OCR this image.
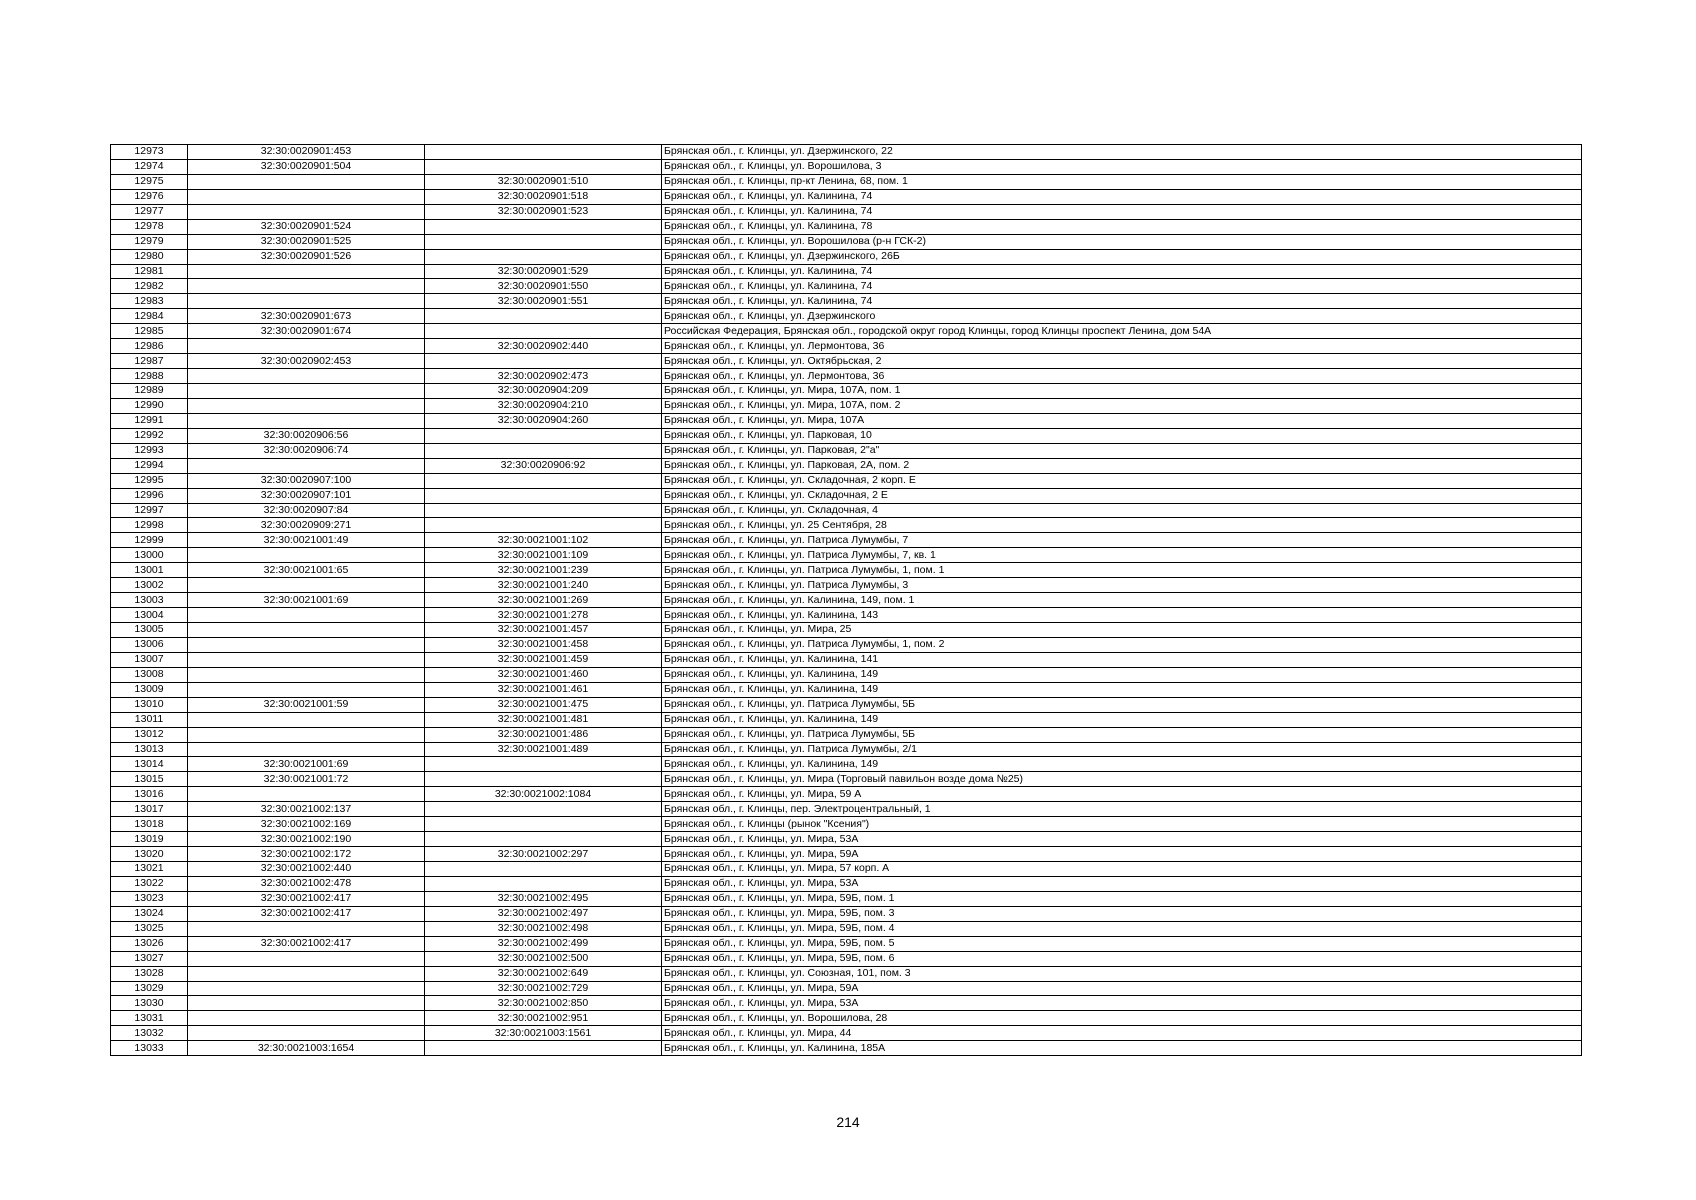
12973	32:30:0020901:453		Брянская обл., г. Клинцы, ул. Дзержинского, 22
12974	32:30:0020901:504		Брянская обл., г. Клинцы, ул. Ворошилова, 3
12975		32:30:0020901:510	Брянская обл., г. Клинцы, пр-кт Ленина, 68, пом. 1
12976		32:30:0020901:518	Брянская обл., г. Клинцы, ул. Калинина, 74
12977		32:30:0020901:523	Брянская обл., г. Клинцы, ул. Калинина, 74
12978	32:30:0020901:524		Брянская обл., г. Клинцы, ул. Калинина, 78
12979	32:30:0020901:525		Брянская обл., г. Клинцы, ул. Ворошилова (р-н ГСК-2)
12980	32:30:0020901:526		Брянская обл., г. Клинцы, ул. Дзержинского, 26Б
12981		32:30:0020901:529	Брянская обл., г. Клинцы, ул. Калинина, 74
12982		32:30:0020901:550	Брянская обл., г. Клинцы, ул. Калинина, 74
12983		32:30:0020901:551	Брянская обл., г. Клинцы, ул. Калинина, 74
12984	32:30:0020901:673		Брянская обл., г. Клинцы, ул. Дзержинского
12985	32:30:0020901:674		Российская Федерация, Брянская обл., городской округ город Клинцы, город Клинцы проспект Ленина, дом 54А
12986		32:30:0020902:440	Брянская обл., г. Клинцы, ул. Лермонтова, 36
12987	32:30:0020902:453		Брянская обл., г. Клинцы, ул. Октябрьская, 2
12988		32:30:0020902:473	Брянская обл., г. Клинцы, ул. Лермонтова, 36
12989		32:30:0020904:209	Брянская обл., г. Клинцы, ул. Мира, 107А, пом. 1
12990		32:30:0020904:210	Брянская обл., г. Клинцы, ул. Мира, 107А, пом. 2
12991		32:30:0020904:260	Брянская обл., г. Клинцы, ул. Мира, 107А
12992	32:30:0020906:56		Брянская обл., г. Клинцы, ул. Парковая, 10
12993	32:30:0020906:74		Брянская обл., г. Клинцы, ул. Парковая, 2"а"
12994		32:30:0020906:92	Брянская обл., г. Клинцы, ул. Парковая, 2А, пом. 2
12995	32:30:0020907:100		Брянская обл., г. Клинцы, ул. Складочная, 2 корп. Е
12996	32:30:0020907:101		Брянская обл., г. Клинцы, ул. Складочная, 2 Е
12997	32:30:0020907:84		Брянская обл., г. Клинцы, ул. Складочная, 4
12998	32:30:0020909:271		Брянская обл., г. Клинцы, ул. 25 Сентября, 28
12999	32:30:0021001:49	32:30:0021001:102	Брянская обл., г. Клинцы, ул. Патриса Лумумбы, 7
13000		32:30:0021001:109	Брянская обл., г. Клинцы, ул. Патриса Лумумбы, 7, кв. 1
13001	32:30:0021001:65	32:30:0021001:239	Брянская обл., г. Клинцы, ул. Патриса Лумумбы, 1, пом. 1
13002		32:30:0021001:240	Брянская обл., г. Клинцы, ул. Патриса Лумумбы, 3
13003	32:30:0021001:69	32:30:0021001:269	Брянская обл., г. Клинцы, ул. Калинина, 149, пом. 1
13004		32:30:0021001:278	Брянская обл., г. Клинцы, ул. Калинина, 143
13005		32:30:0021001:457	Брянская обл., г. Клинцы, ул. Мира, 25
13006		32:30:0021001:458	Брянская обл., г. Клинцы, ул. Патриса Лумумбы, 1, пом. 2
13007		32:30:0021001:459	Брянская обл., г. Клинцы, ул. Калинина, 141
13008		32:30:0021001:460	Брянская обл., г. Клинцы, ул. Калинина, 149
13009		32:30:0021001:461	Брянская обл., г. Клинцы, ул. Калинина, 149
13010	32:30:0021001:59	32:30:0021001:475	Брянская обл., г. Клинцы, ул. Патриса Лумумбы, 5Б
13011		32:30:0021001:481	Брянская обл., г. Клинцы, ул. Калинина, 149
13012		32:30:0021001:486	Брянская обл., г. Клинцы, ул. Патриса Лумумбы, 5Б
13013		32:30:0021001:489	Брянская обл., г. Клинцы, ул. Патриса Лумумбы, 2/1
13014	32:30:0021001:69		Брянская обл., г. Клинцы, ул. Калинина, 149
13015	32:30:0021001:72		Брянская обл., г. Клинцы, ул. Мира (Торговый павильон возде дома №25)
13016		32:30:0021002:1084	Брянская обл., г. Клинцы, ул. Мира, 59 А
13017	32:30:0021002:137		Брянская обл., г. Клинцы, пер. Электроцентральный, 1
13018	32:30:0021002:169		Брянская обл., г. Клинцы (рынок "Ксения")
13019	32:30:0021002:190		Брянская обл., г. Клинцы, ул. Мира, 53А
13020	32:30:0021002:172	32:30:0021002:297	Брянская обл., г. Клинцы, ул. Мира, 59А
13021	32:30:0021002:440		Брянская обл., г. Клинцы, ул. Мира, 57 корп. А
13022	32:30:0021002:478		Брянская обл., г. Клинцы, ул. Мира, 53А
13023	32:30:0021002:417	32:30:0021002:495	Брянская обл., г. Клинцы, ул. Мира, 59Б, пом. 1
13024	32:30:0021002:417	32:30:0021002:497	Брянская обл., г. Клинцы, ул. Мира, 59Б, пом. 3
13025		32:30:0021002:498	Брянская обл., г. Клинцы, ул. Мира, 59Б, пом. 4
13026	32:30:0021002:417	32:30:0021002:499	Брянская обл., г. Клинцы, ул. Мира, 59Б, пом. 5
13027		32:30:0021002:500	Брянская обл., г. Клинцы, ул. Мира, 59Б, пом. 6
13028		32:30:0021002:649	Брянская обл., г. Клинцы, ул. Союзная, 101, пом. 3
13029		32:30:0021002:729	Брянская обл., г. Клинцы, ул. Мира, 59А
13030		32:30:0021002:850	Брянская обл., г. Клинцы, ул. Мира, 53А
13031		32:30:0021002:951	Брянская обл., г. Клинцы, ул. Ворошилова, 28
13032		32:30:0021003:1561	Брянская обл., г. Клинцы, ул. Мира, 44
13033	32:30:0021003:1654		Брянская обл., г. Клинцы, ул. Калинина, 185А
214
